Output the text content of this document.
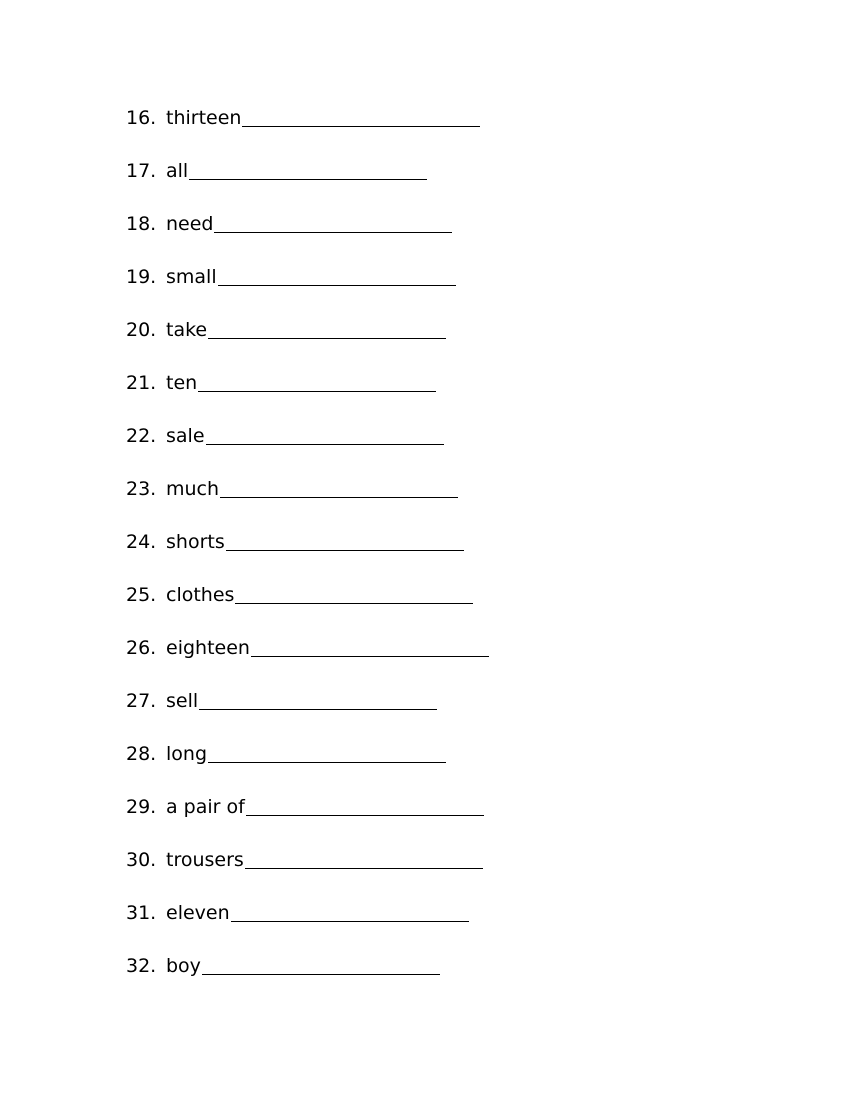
16. thirteen
17. all
18. need
19. small
20. take
21. ten
22. sale
23. much
24. shorts
25. clothes
26. eighteen
27. sell
28. long
29. a pair of
30. trousers
31. eleven
32. boy
